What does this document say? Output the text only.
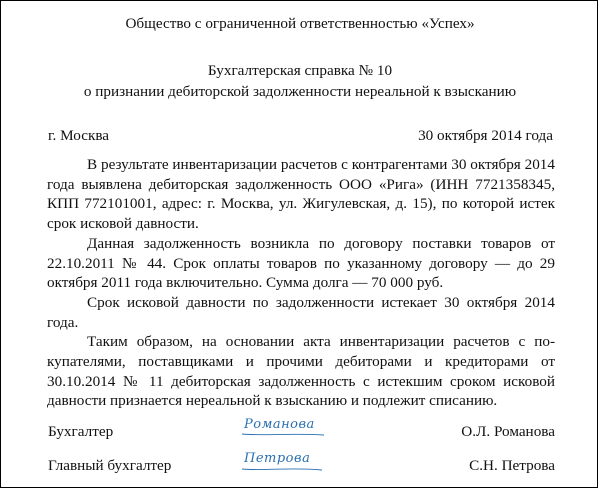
Общество с ограниченной ответственностью «Успех»
Бухгалтерская справка № 10
о признании дебиторской задолженности нереальной к взысканию
г. Москва	30 октября 2014 года

В результате инвентаризации расчетов с контрагентами 30 октября 2014 года выявлена дебиторская задолженность ООО «Рига» (ИНН 7721358345, КПП 772101001, адрес: г. Москва, ул. Жигулевская, д. 15), по которой истек срок исковой давности.

Данная задолженность возникла по договору поставки товаров от 22.10.2011 № 44. Срок оплаты товаров по указанному договору — до 29 октября 2011 года включительно. Сумма долга — 70 000 руб.

Срок исковой давности по задолженности истекает 30 октября 2014 года.

Таким образом, на основании акта инвентаризации расчетов с покупателями, поставщиками и прочими дебиторами и кредиторами от 30.10.2014 № 11 дебиторская задолженность с истекшим сроком исковой давности признается нереальной к взысканию и подлежит списанию.

Бухгалтер	Романова	О.Л. Романова
Главный бухгалтер	Петрова	С.Н. Петрова
